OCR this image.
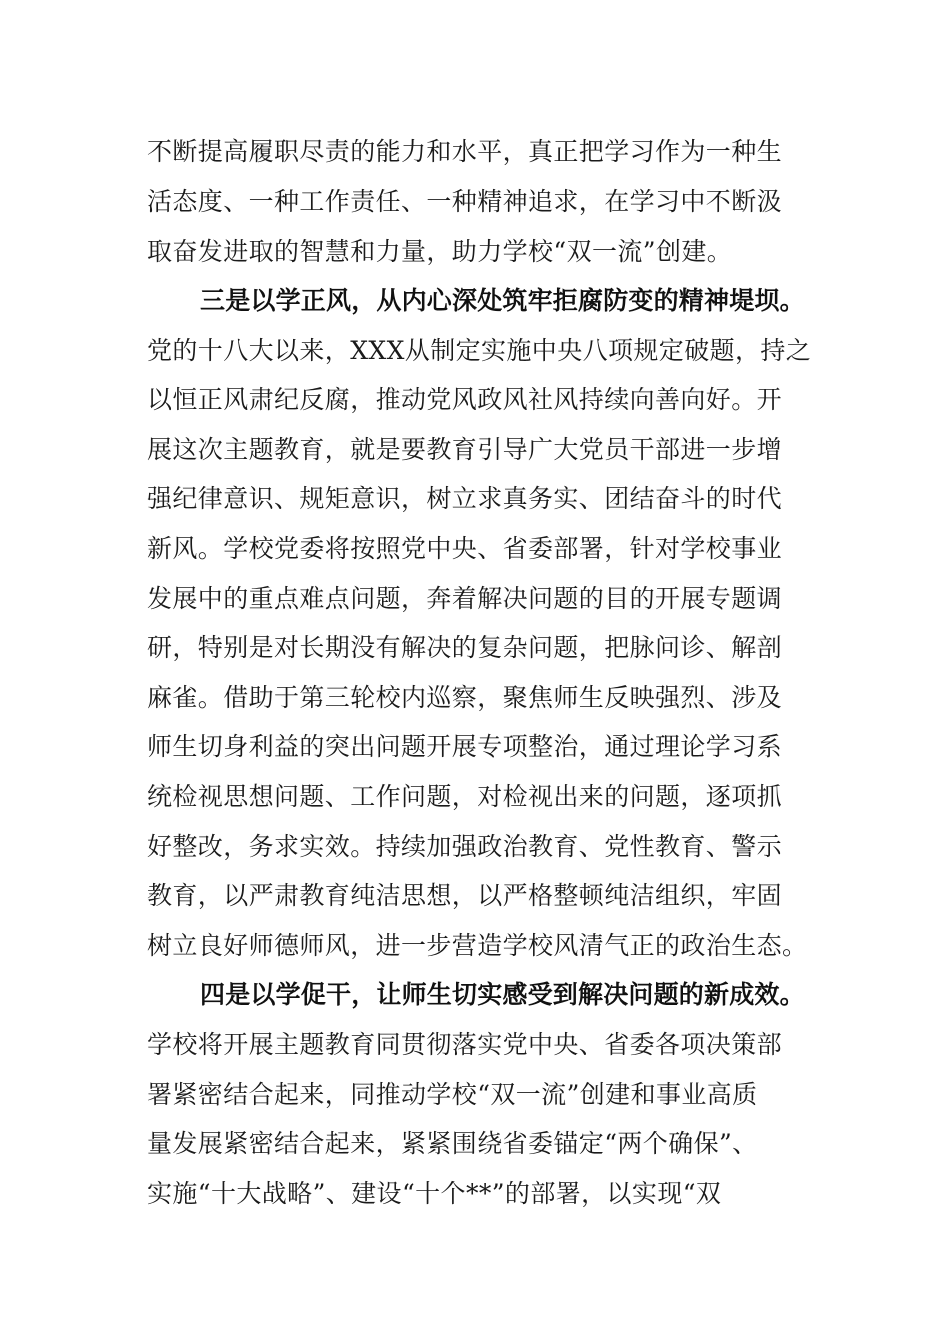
不断提高履职尽责的能力和水平，真正把学习作为一种生
活态度、一种工作责任、一种精神追求，在学习中不断汲
取奋发进取的智慧和力量，助力学校“双一流”创建。
三是以学正风，从内心深处筑牢拒腐防变的精神堤坝。
党的十八大以来，XXX从制定实施中央八项规定破题，持之
以恒正风肃纪反腐，推动党风政风社风持续向善向好。开
展这次主题教育，就是要教育引导广大党员干部进一步增
强纪律意识、规矩意识，树立求真务实、团结奋斗的时代
新风。学校党委将按照党中央、省委部署，针对学校事业
发展中的重点难点问题，奔着解决问题的目的开展专题调
研，特别是对长期没有解决的复杂问题，把脉问诊、解剖
麻雀。借助于第三轮校内巡察，聚焦师生反映强烈、涉及
师生切身利益的突出问题开展专项整治，通过理论学习系
统检视思想问题、工作问题，对检视出来的问题，逐项抓
好整改，务求实效。持续加强政治教育、党性教育、警示
教育，以严肃教育纯洁思想，以严格整顿纯洁组织，牢固
树立良好师德师风，进一步营造学校风清气正的政治生态。
四是以学促干，让师生切实感受到解决问题的新成效。
学校将开展主题教育同贯彻落实党中央、省委各项决策部
署紧密结合起来，同推动学校“双一流”创建和事业高质
量发展紧密结合起来，紧紧围绕省委锚定“两个确保”、
实施“十大战略”、建设“十个**”的部署，以实现“双
